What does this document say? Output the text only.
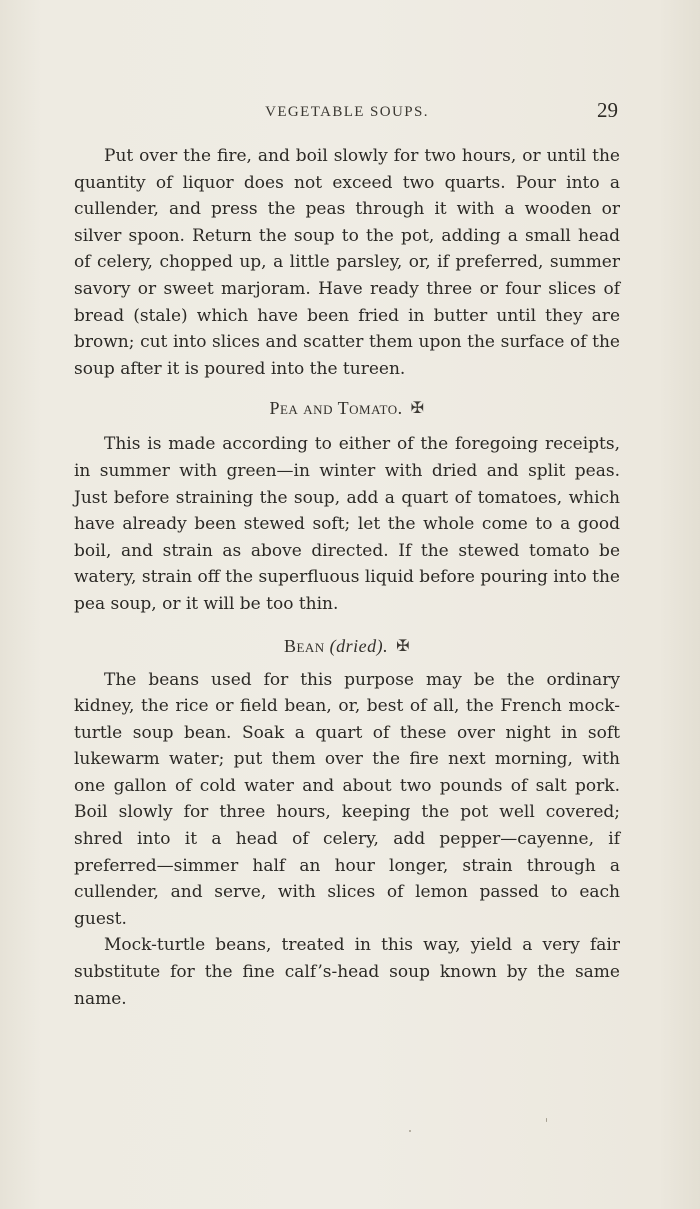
VEGETABLE SOUPS.	29

Put over the fire, and boil slowly for two hours, or until the quantity of liquor does not exceed two quarts. Pour into a cullender, and press the peas through it with a wooden or silver spoon. Return the soup to the pot, adding a small head of celery, chopped up, a little parsley, or, if preferred, summer savory or sweet marjoram. Have ready three or four slices of bread (stale) which have been fried in butter until they are brown; cut into slices and scatter them upon the surface of the soup after it is poured into the tureen.

Pea and Tomato. ✠

This is made according to either of the foregoing receipts, in summer with green—in winter with dried and split peas. Just before straining the soup, add a quart of tomatoes, which have already been stewed soft; let the whole come to a good boil, and strain as above directed. If the stewed tomato be watery, strain off the superfluous liquid before pouring into the pea soup, or it will be too thin.

Bean (dried). ✠

The beans used for this purpose may be the ordinary kidney, the rice or field bean, or, best of all, the French mock-turtle soup bean. Soak a quart of these over night in soft lukewarm water; put them over the fire next morning, with one gallon of cold water and about two pounds of salt pork. Boil slowly for three hours, keeping the pot well covered; shred into it a head of celery, add pepper—cayenne, if preferred—simmer half an hour longer, strain through a cullender, and serve, with slices of lemon passed to each guest.

Mock-turtle beans, treated in this way, yield a very fair substitute for the fine calf’s-head soup known by the same name.
